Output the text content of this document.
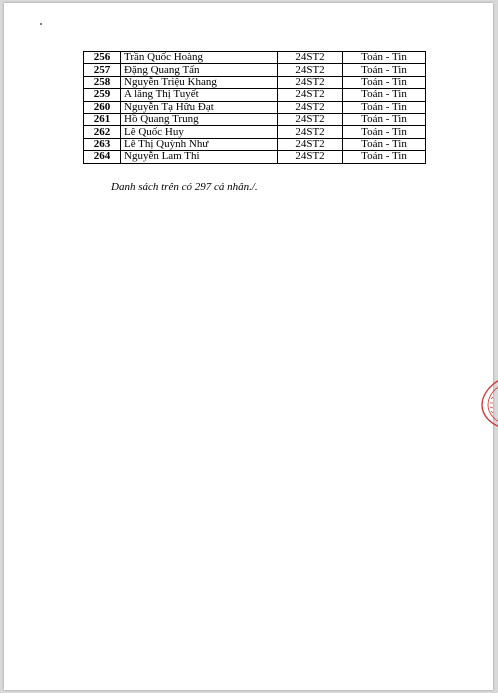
256	Trần Quốc Hoàng	24ST2	Toán - Tin
257	Đặng Quang Tấn	24ST2	Toán - Tin
258	Nguyễn Triệu Khang	24ST2	Toán - Tin
259	A lăng Thị Tuyết	24ST2	Toán - Tin
260	Nguyễn Tạ Hữu Đạt	24ST2	Toán - Tin
261	Hồ Quang Trung	24ST2	Toán - Tin
262	Lê Quốc Huy	24ST2	Toán - Tin
263	Lê Thị Quỳnh Như	24ST2	Toán - Tin
264	Nguyễn Lam Thi	24ST2	Toán - Tin
Danh sách trên có 297 cá nhân./.
